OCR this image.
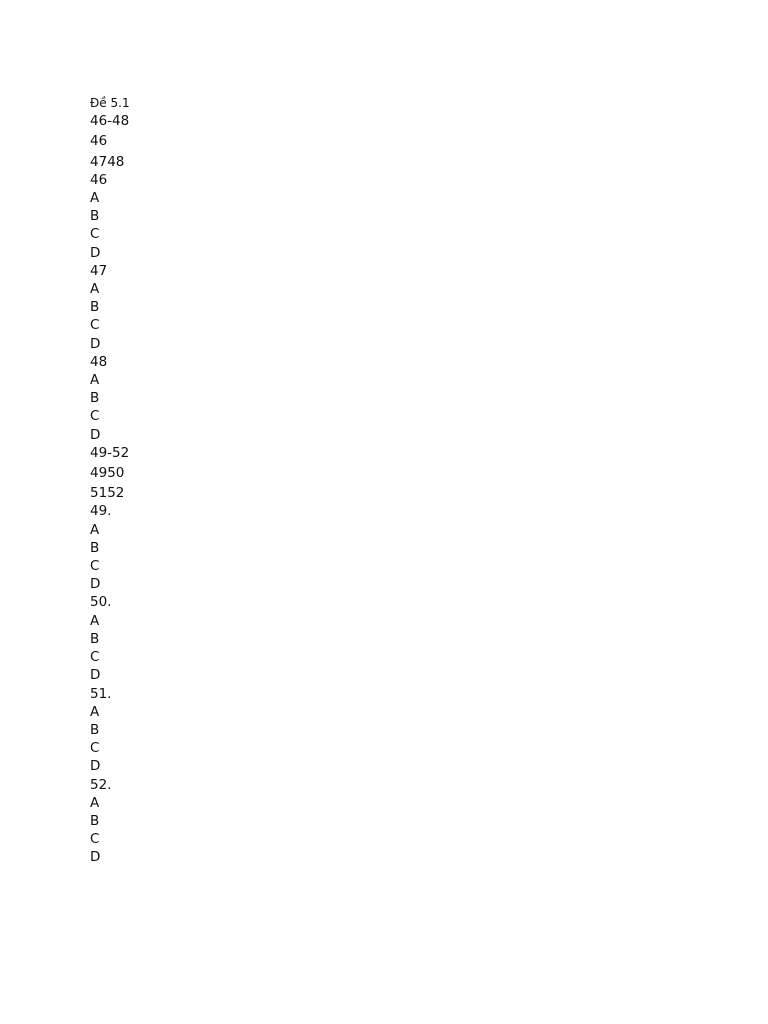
Đề 5.1
46-48
46
4748
46
A
B
C
D
47
A
B
C
D
48
A
B
C
D
49-52
4950
5152
49.
A
B
C
D
50.
A
B
C
D
51.
A
B
C
D
52.
A
B
C
D
